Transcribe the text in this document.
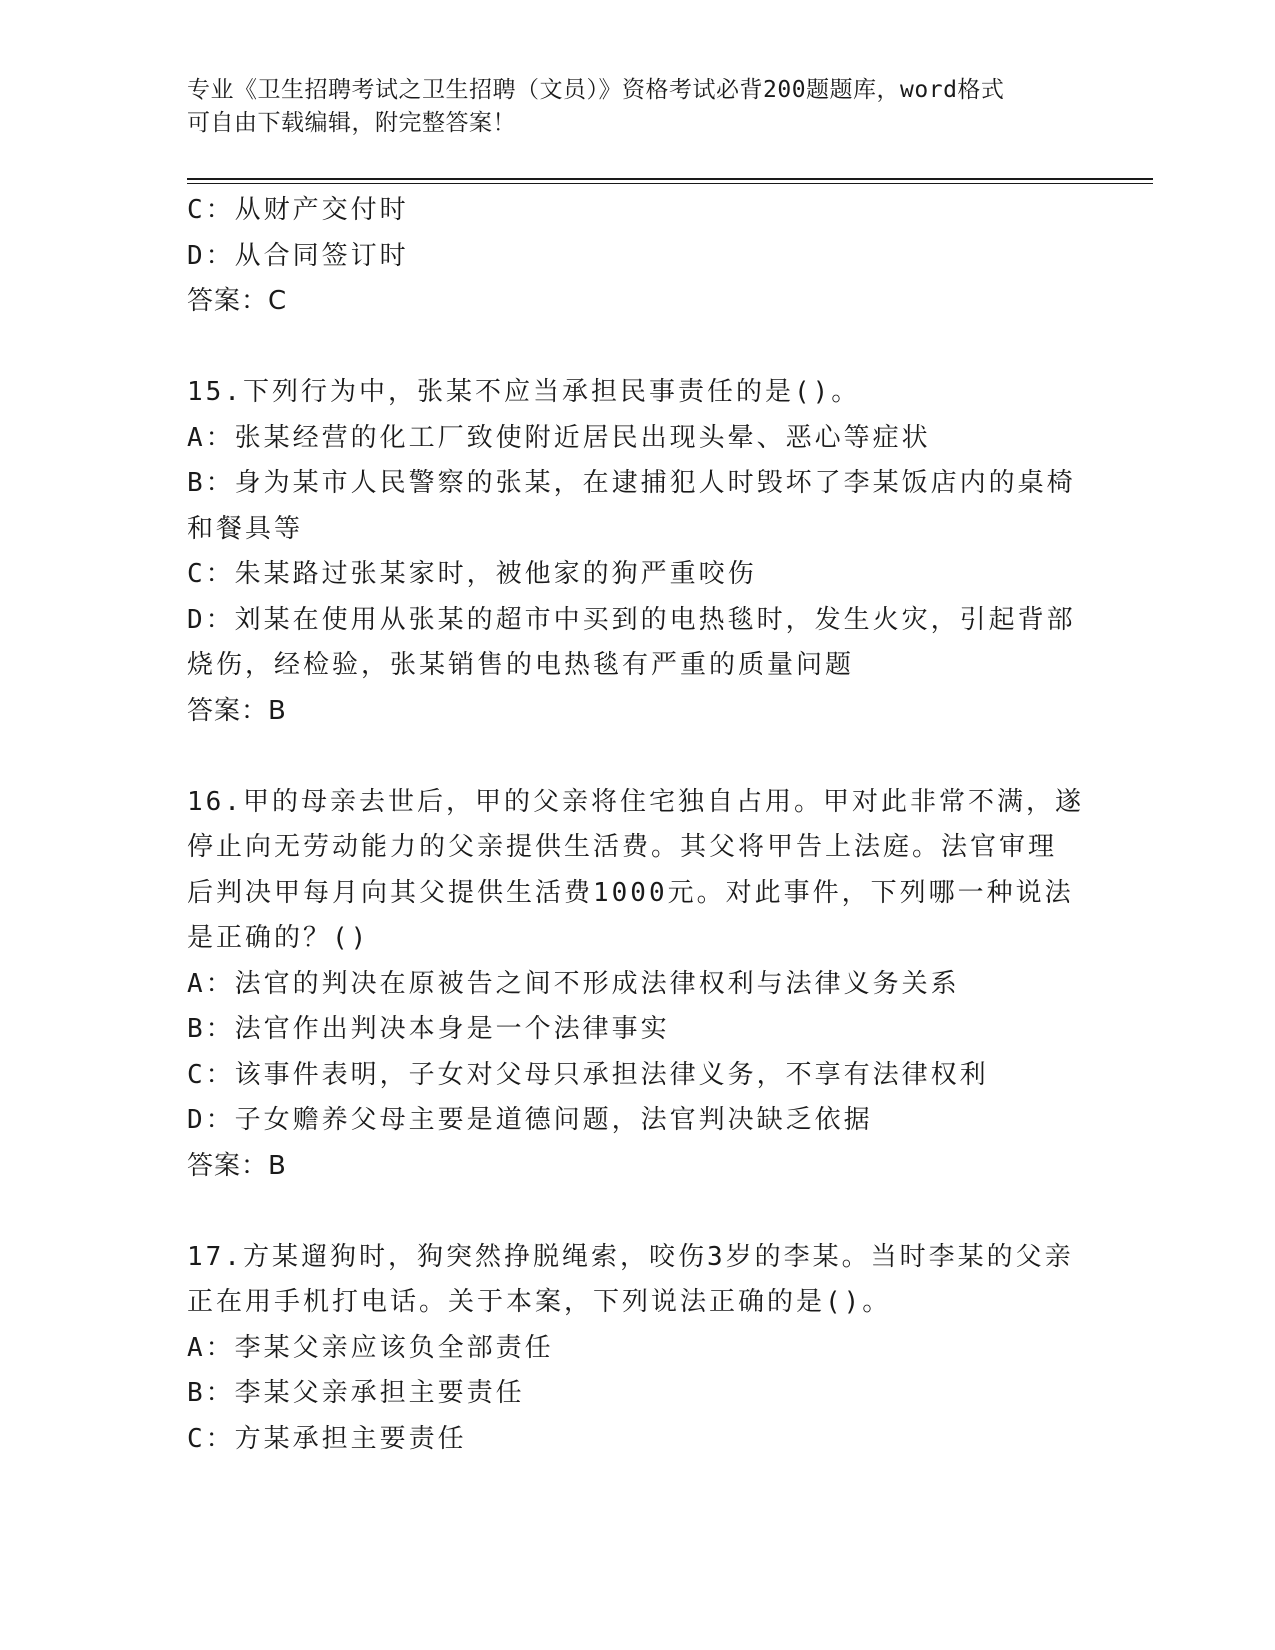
专业《卫生招聘考试之卫生招聘（文员）》资格考试必背200题题库，word格式
可自由下载编辑，附完整答案！
C：从财产交付时
D：从合同签订时
答案：C
15.下列行为中，张某不应当承担民事责任的是()。
A：张某经营的化工厂致使附近居民出现头晕、恶心等症状
B：身为某市人民警察的张某，在逮捕犯人时毁坏了李某饭店内的桌椅
和餐具等
C：朱某路过张某家时，被他家的狗严重咬伤
D：刘某在使用从张某的超市中买到的电热毯时，发生火灾，引起背部
烧伤，经检验，张某销售的电热毯有严重的质量问题
答案：B
16.甲的母亲去世后，甲的父亲将住宅独自占用。甲对此非常不满，遂
停止向无劳动能力的父亲提供生活费。其父将甲告上法庭。法官审理
后判决甲每月向其父提供生活费1000元。对此事件，下列哪一种说法
是正确的？()
A：法官的判决在原被告之间不形成法律权利与法律义务关系
B：法官作出判决本身是一个法律事实
C：该事件表明，子女对父母只承担法律义务，不享有法律权利
D：子女赡养父母主要是道德问题，法官判决缺乏依据
答案：B
17.方某遛狗时，狗突然挣脱绳索，咬伤3岁的李某。当时李某的父亲
正在用手机打电话。关于本案，下列说法正确的是()。
A：李某父亲应该负全部责任
B：李某父亲承担主要责任
C：方某承担主要责任
